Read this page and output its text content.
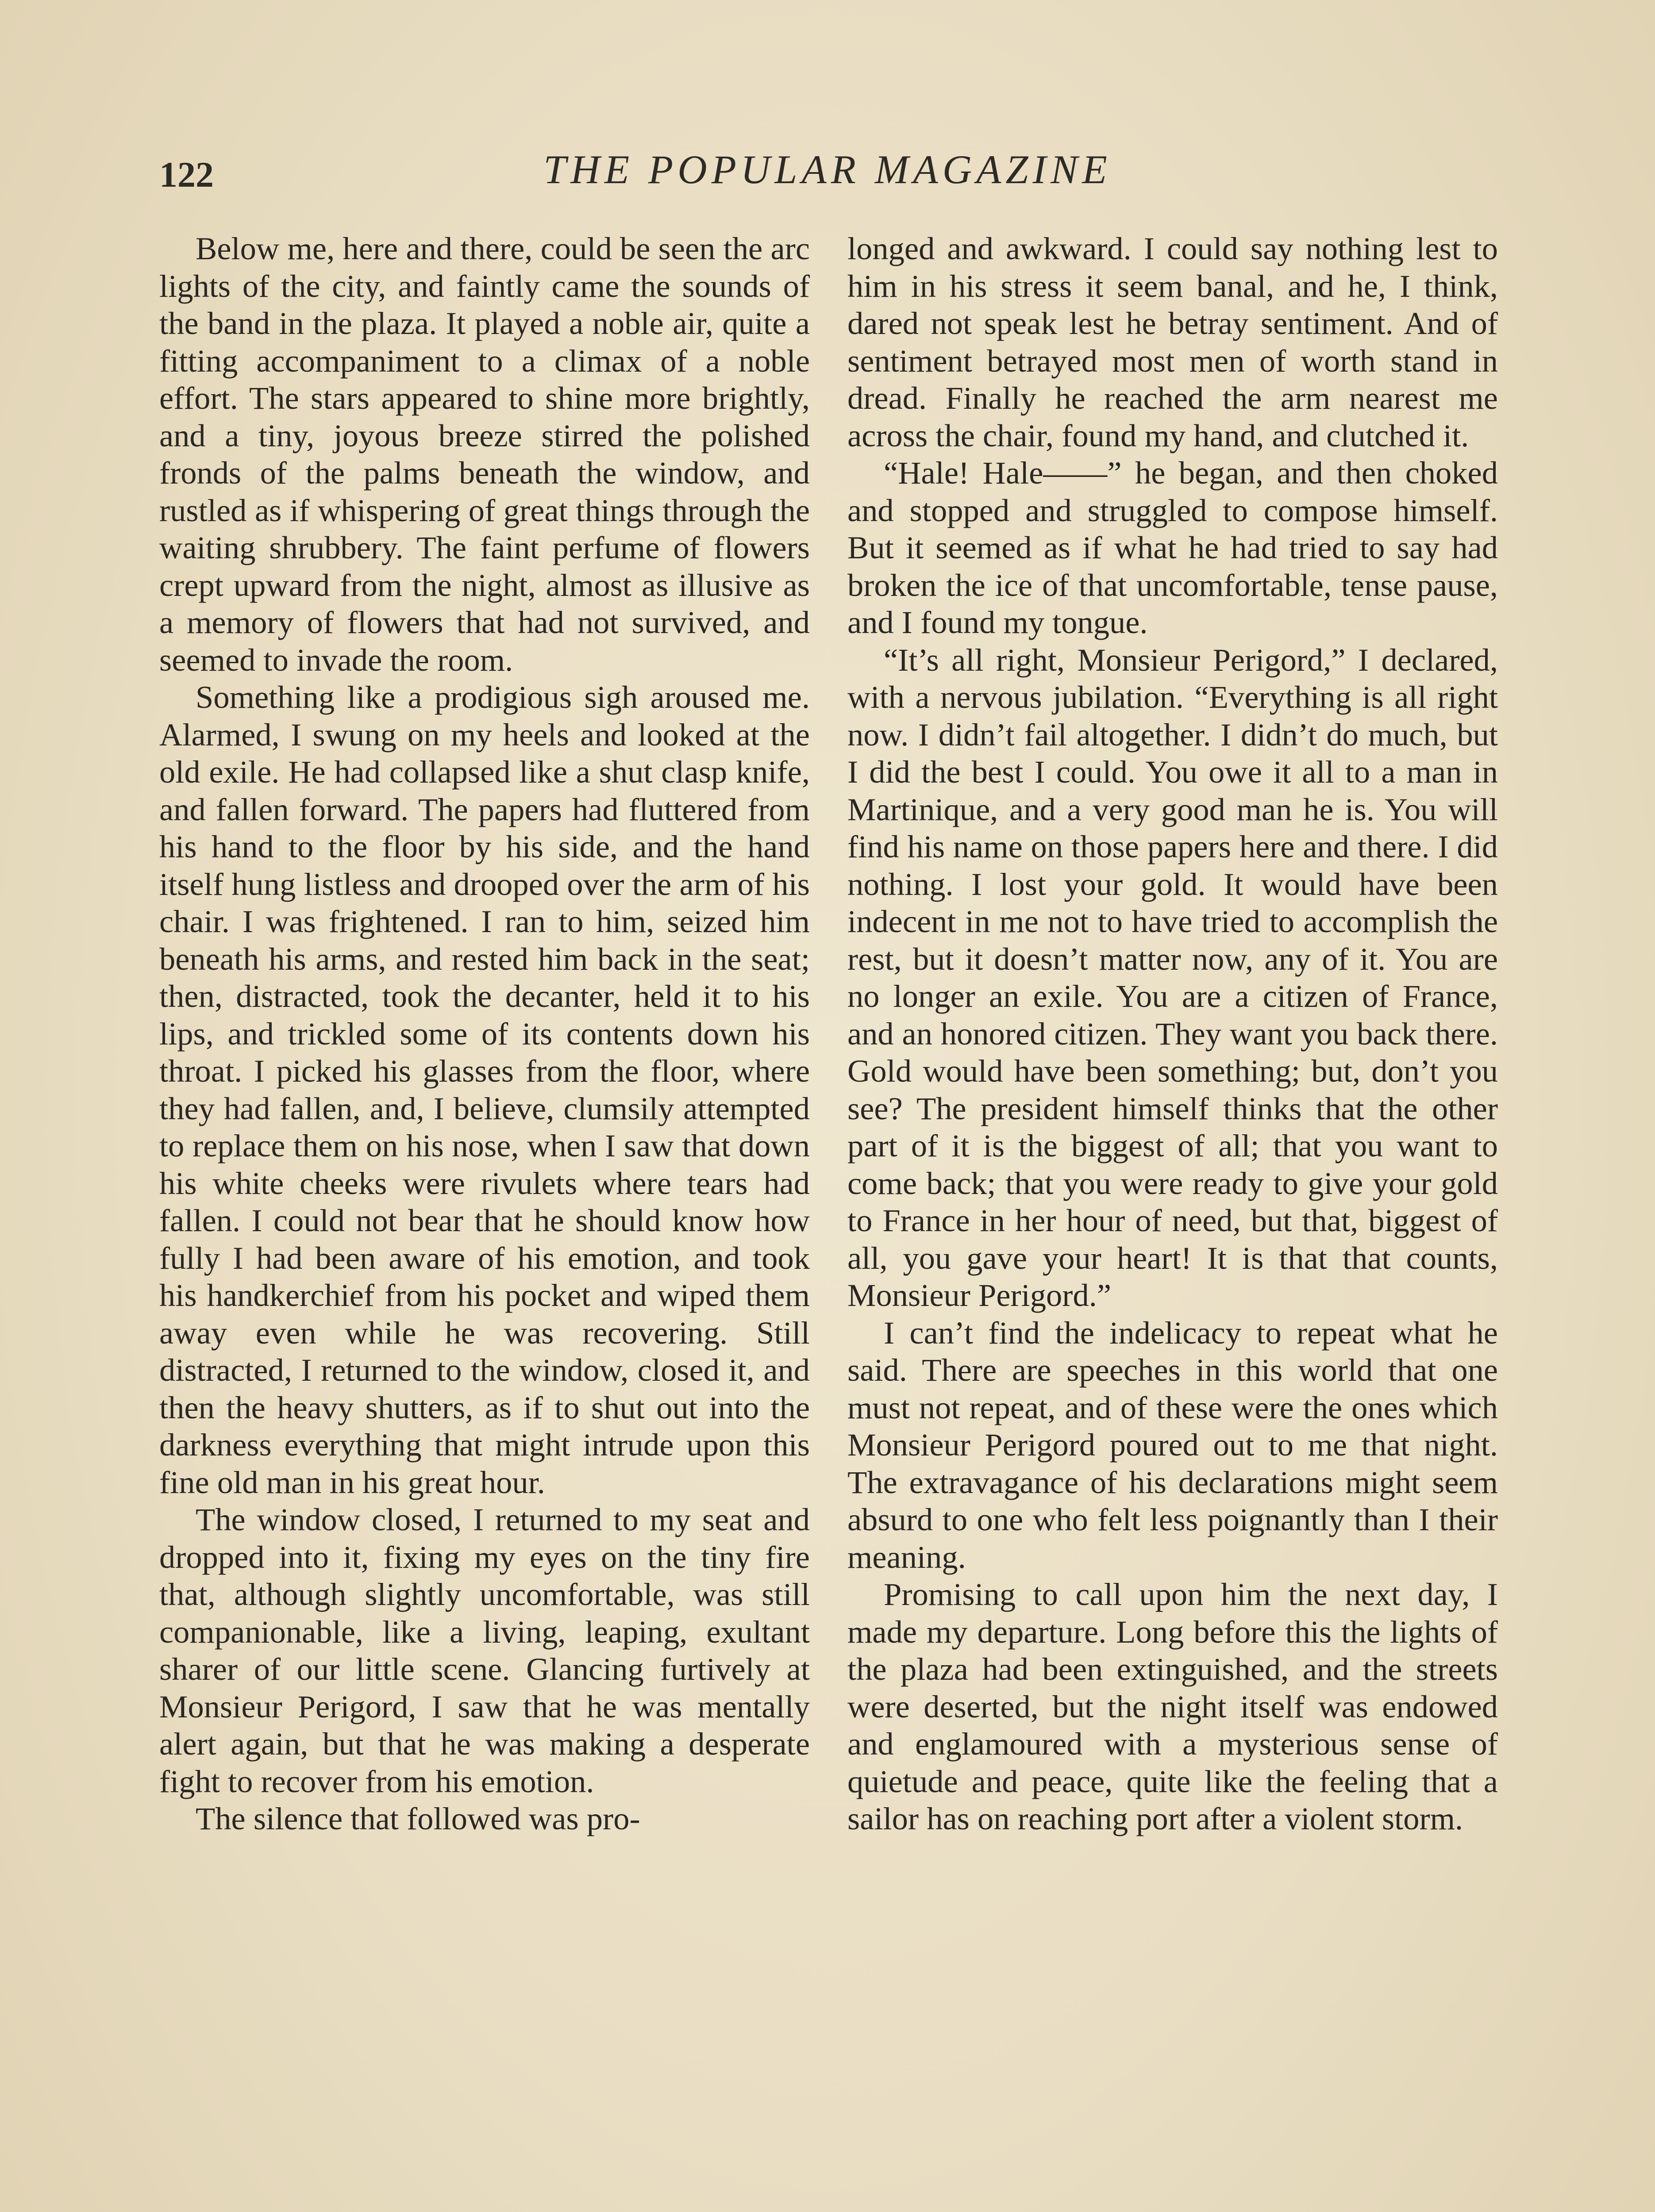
122	THE POPULAR MAGAZINE

Below me, here and there, could be seen the arc lights of the city, and faintly came the sounds of the band in the plaza. It played a noble air, quite a fitting accompaniment to a climax of a noble effort. The stars appeared to shine more brightly, and a tiny, joyous breeze stirred the polished fronds of the palms beneath the window, and rustled as if whispering of great things through the waiting shrubbery. The faint perfume of flowers crept upward from the night, almost as illusive as a memory of flowers that had not survived, and seemed to invade the room.

Something like a prodigious sigh aroused me. Alarmed, I swung on my heels and looked at the old exile. He had collapsed like a shut clasp knife, and fallen forward. The papers had fluttered from his hand to the floor by his side, and the hand itself hung listless and drooped over the arm of his chair. I was frightened. I ran to him, seized him beneath his arms, and rested him back in the seat; then, distracted, took the decanter, held it to his lips, and trickled some of its contents down his throat. I picked his glasses from the floor, where they had fallen, and, I believe, clumsily attempted to replace them on his nose, when I saw that down his white cheeks were rivulets where tears had fallen. I could not bear that he should know how fully I had been aware of his emotion, and took his handkerchief from his pocket and wiped them away even while he was recovering. Still distracted, I returned to the window, closed it, and then the heavy shutters, as if to shut out into the darkness everything that might intrude upon this fine old man in his great hour.

The window closed, I returned to my seat and dropped into it, fixing my eyes on the tiny fire that, although slightly uncomfortable, was still companionable, like a living, leaping, exultant sharer of our little scene. Glancing furtively at Monsieur Perigord, I saw that he was mentally alert again, but that he was making a desperate fight to recover from his emotion.

The silence that followed was pro-

longed and awkward. I could say nothing lest to him in his stress it seem banal, and he, I think, dared not speak lest he betray sentiment. And of sentiment betrayed most men of worth stand in dread. Finally he reached the arm nearest me across the chair, found my hand, and clutched it.

“Hale! Hale——” he began, and then choked and stopped and struggled to compose himself. But it seemed as if what he had tried to say had broken the ice of that uncomfortable, tense pause, and I found my tongue.

“It’s all right, Monsieur Perigord,” I declared, with a nervous jubilation. “Everything is all right now. I didn’t fail altogether. I didn’t do much, but I did the best I could. You owe it all to a man in Martinique, and a very good man he is. You will find his name on those papers here and there. I did nothing. I lost your gold. It would have been indecent in me not to have tried to accomplish the rest, but it doesn’t matter now, any of it. You are no longer an exile. You are a citizen of France, and an honored citizen. They want you back there. Gold would have been something; but, don’t you see? The president himself thinks that the other part of it is the biggest of all; that you want to come back; that you were ready to give your gold to France in her hour of need, but that, biggest of all, you gave your heart! It is that that counts, Monsieur Perigord.”

I can’t find the indelicacy to repeat what he said. There are speeches in this world that one must not repeat, and of these were the ones which Monsieur Perigord poured out to me that night. The extravagance of his declarations might seem absurd to one who felt less poignantly than I their meaning.

Promising to call upon him the next day, I made my departure. Long before this the lights of the plaza had been extinguished, and the streets were deserted, but the night itself was endowed and englamoured with a mysterious sense of quietude and peace, quite like the feeling that a sailor has on reaching port after a violent storm.
